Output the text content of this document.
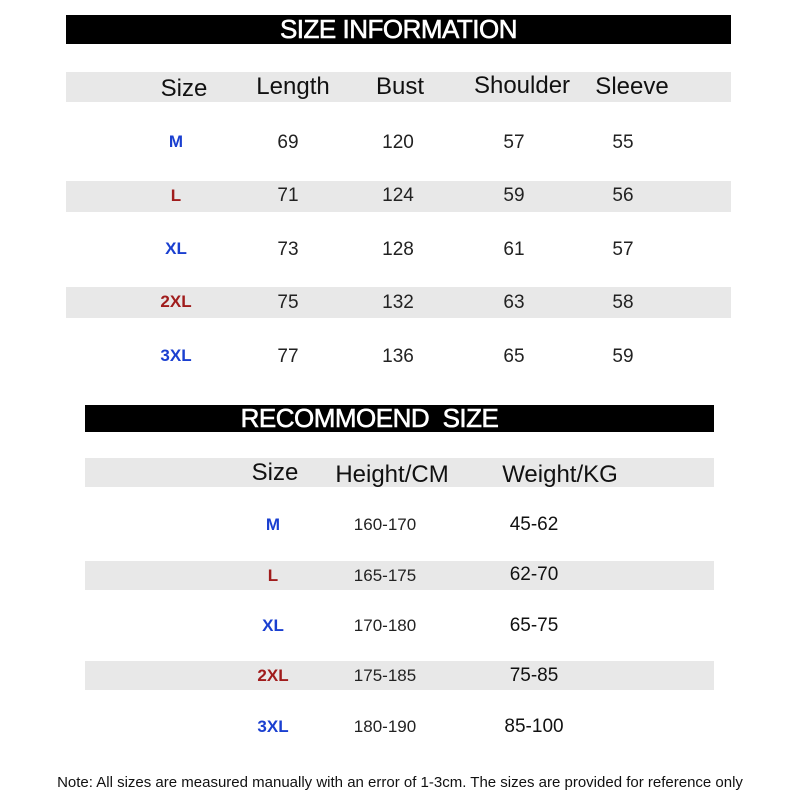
SIZE INFORMATION
Size Length Bust Shoulder Sleeve
M	69	120	57	55
L	71	124	59	56
XL	73	128	61	57
2XL	75	132	63	58
3XL	77	136	65	59
RECOMMOEND  SIZE
Size Height/CM Weight/KG
M	160-170	45-62
L	165-175	62-70
XL	170-180	65-75
2XL	175-185	75-85
3XL	180-190	85-100
Note: All sizes are measured manually with an error of 1-3cm. The sizes are provided for reference only
